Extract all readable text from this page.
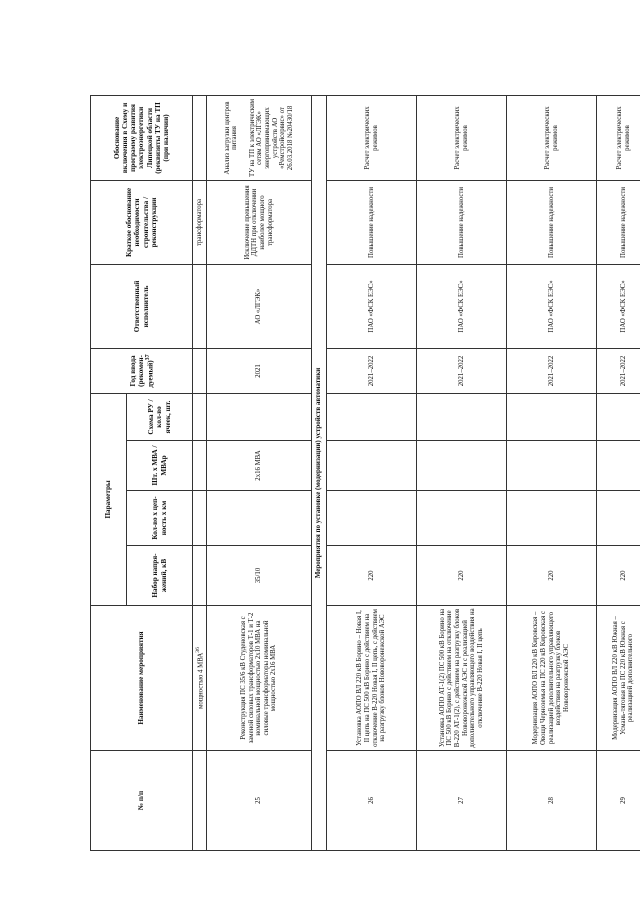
№ п/п	Наименование мероприятия	Параметры				Год ввода (рекомен-дуемый)$^{37}$	Ответственный исполнитель	Краткое обоснование необходимости строительства / реконструкции	Обоснование включения в Схему и программу развития электроэнергетики Липецкой области (реквизиты ТУ на ТП (при наличии)
		Набор напря-жений, кВ	Кол-во х цеп-ность х км	Шт. х МВА / МВАр	Схема РУ / кол-во ячеек, шт.				
	мощностью 4 МВА$^{36}$							трансформатора	
25	Реконструкция ПС 35/6 кВ Студеновская с заменой силовых трансформаторов Т-1 и Т-2 номинальной мощностью 2х10 МВА на силовые трансформаторы номинальной мощностью 2х16 МВА	35/10		2х16 МВА		2021	АО «ЛГЭК»	Исключение превышения ДДТН при отключении наиболее мощного трансформатора	Анализ загрузки центров питания ТУ на ТП к электрическим сетям АО «ЛГЭК» энергопринимающих устройств АО «Ремстройсервис» от 26.03.2018 №20430/18

Мероприятия по установке (модернизации) устройств автоматики									
26	Установка АОПО ВЛ 220 кВ Борино – Новая I, II цепь на ПС 500 кВ Борино с действием на отключение В-220 Новая I, II цепь, с действием на разгрузку блоков Нововоронежской АЭС	220				2021–2022	ПАО «ФСК ЕЭС»	Повышение надежности	Расчет электрических режимов
27	Установка АОПО АТ-1(2) ПС 500 кВ Борино на ПС 500 кВ Борино с действием на отключение В-220 АТ-1(2), с действием на разгрузку блоков Нововоронежской АЭС и с реализацией дополнительного управляющего воздействия на отключение В-220 Новая I, II цепь	220				2021–2022	ПАО «ФСК ЕЭС»	Повышение надежности	Расчет электрических режимов
28	Модернизация АОПО ВЛ 220 кВ Кировская – Овощи Черноземья на ПС 220 кВ Кировская с реализацией дополнительного управляющего воздействия на разгрузку блоков Нововоронежской АЭС	220				2021–2022	ПАО «ФСК ЕЭС»	Повышение надежности	Расчет электрических режимов
29	Модернизация АОПО ВЛ 220 кВ Южная – Усмань-тяговая на ПС 220 кВ Южная с реализацией дополнительного	220				2021–2022	ПАО «ФСК ЕЭС»	Повышение надежности	Расчет электрических режимов
